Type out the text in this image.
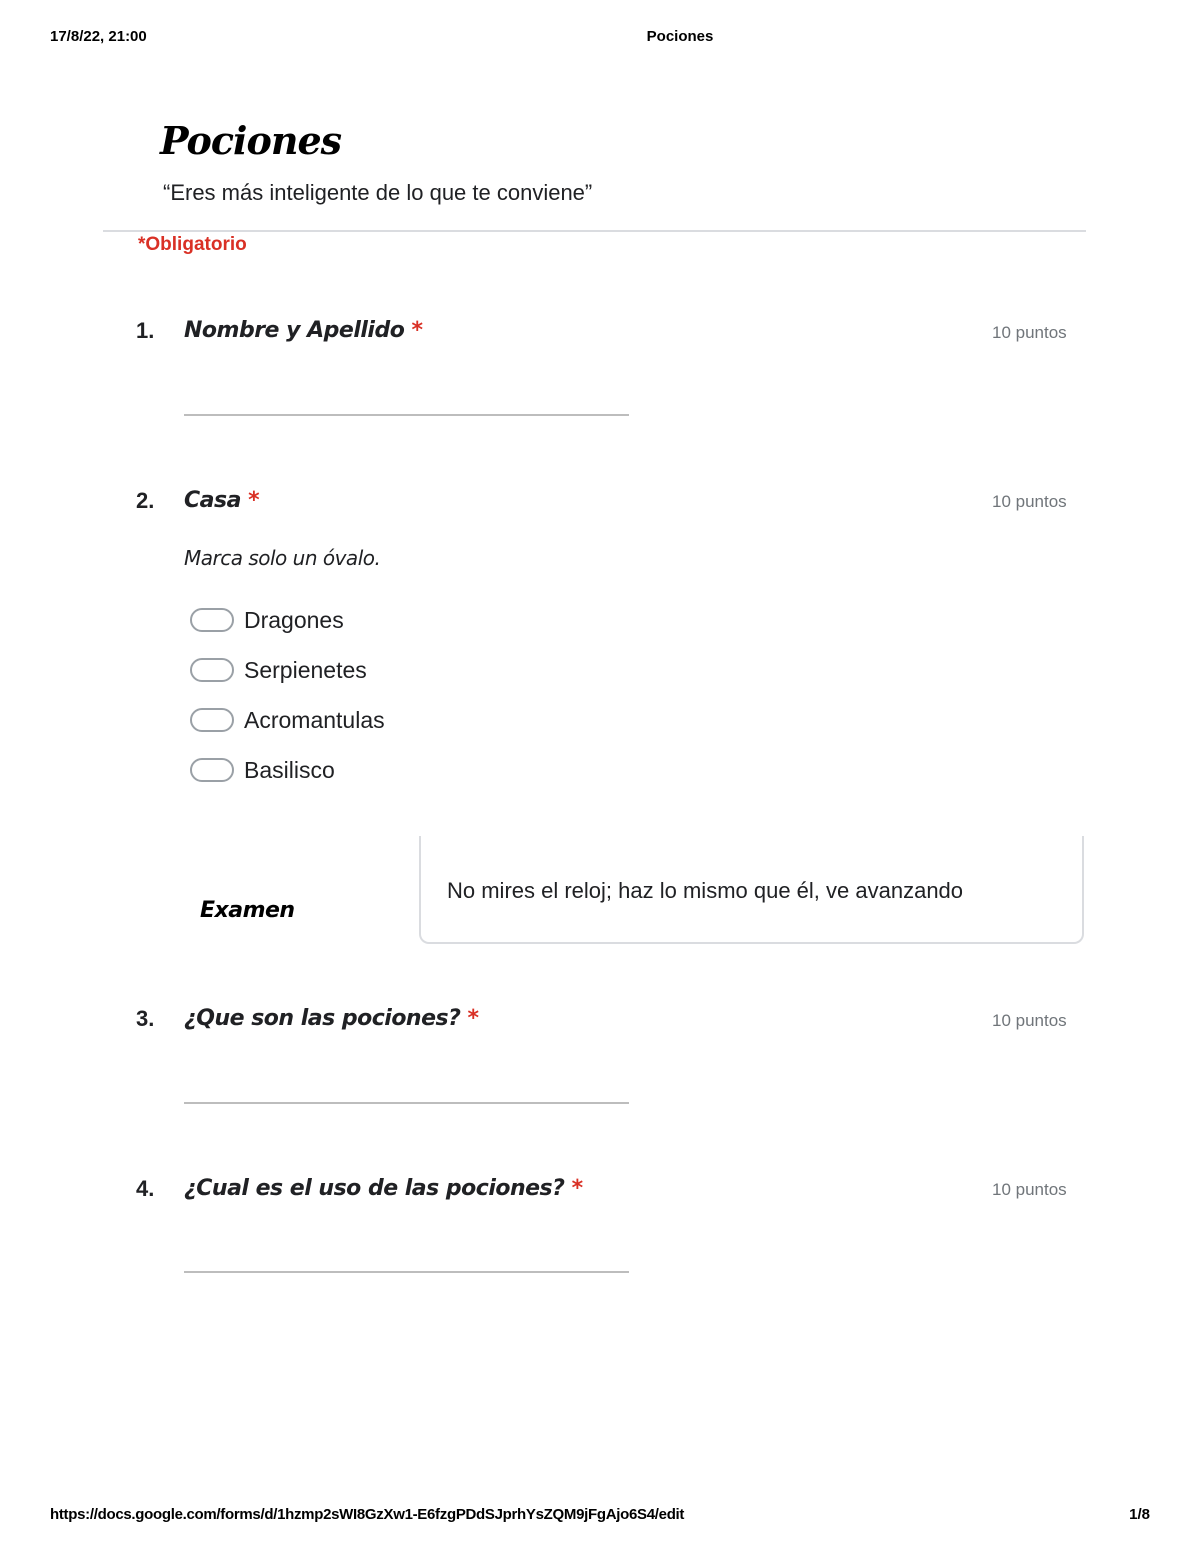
17/8/22, 21:00	Pociones
Pociones
“Eres más inteligente de lo que te conviene”
*Obligatorio
1. Nombre y Apellido *	10 puntos
2. Casa *	10 puntos
Marca solo un óvalo.
Dragones
Serpienetes
Acromantulas
Basilisco
Examen
No mires el reloj; haz lo mismo que él, ve avanzando
3. ¿Que son las pociones? *	10 puntos
4. ¿Cual es el uso de las pociones? *	10 puntos
https://docs.google.com/forms/d/1hzmp2sWI8GzXw1-E6fzgPDdSJprhYsZQM9jFgAjo6S4/edit	1/8
